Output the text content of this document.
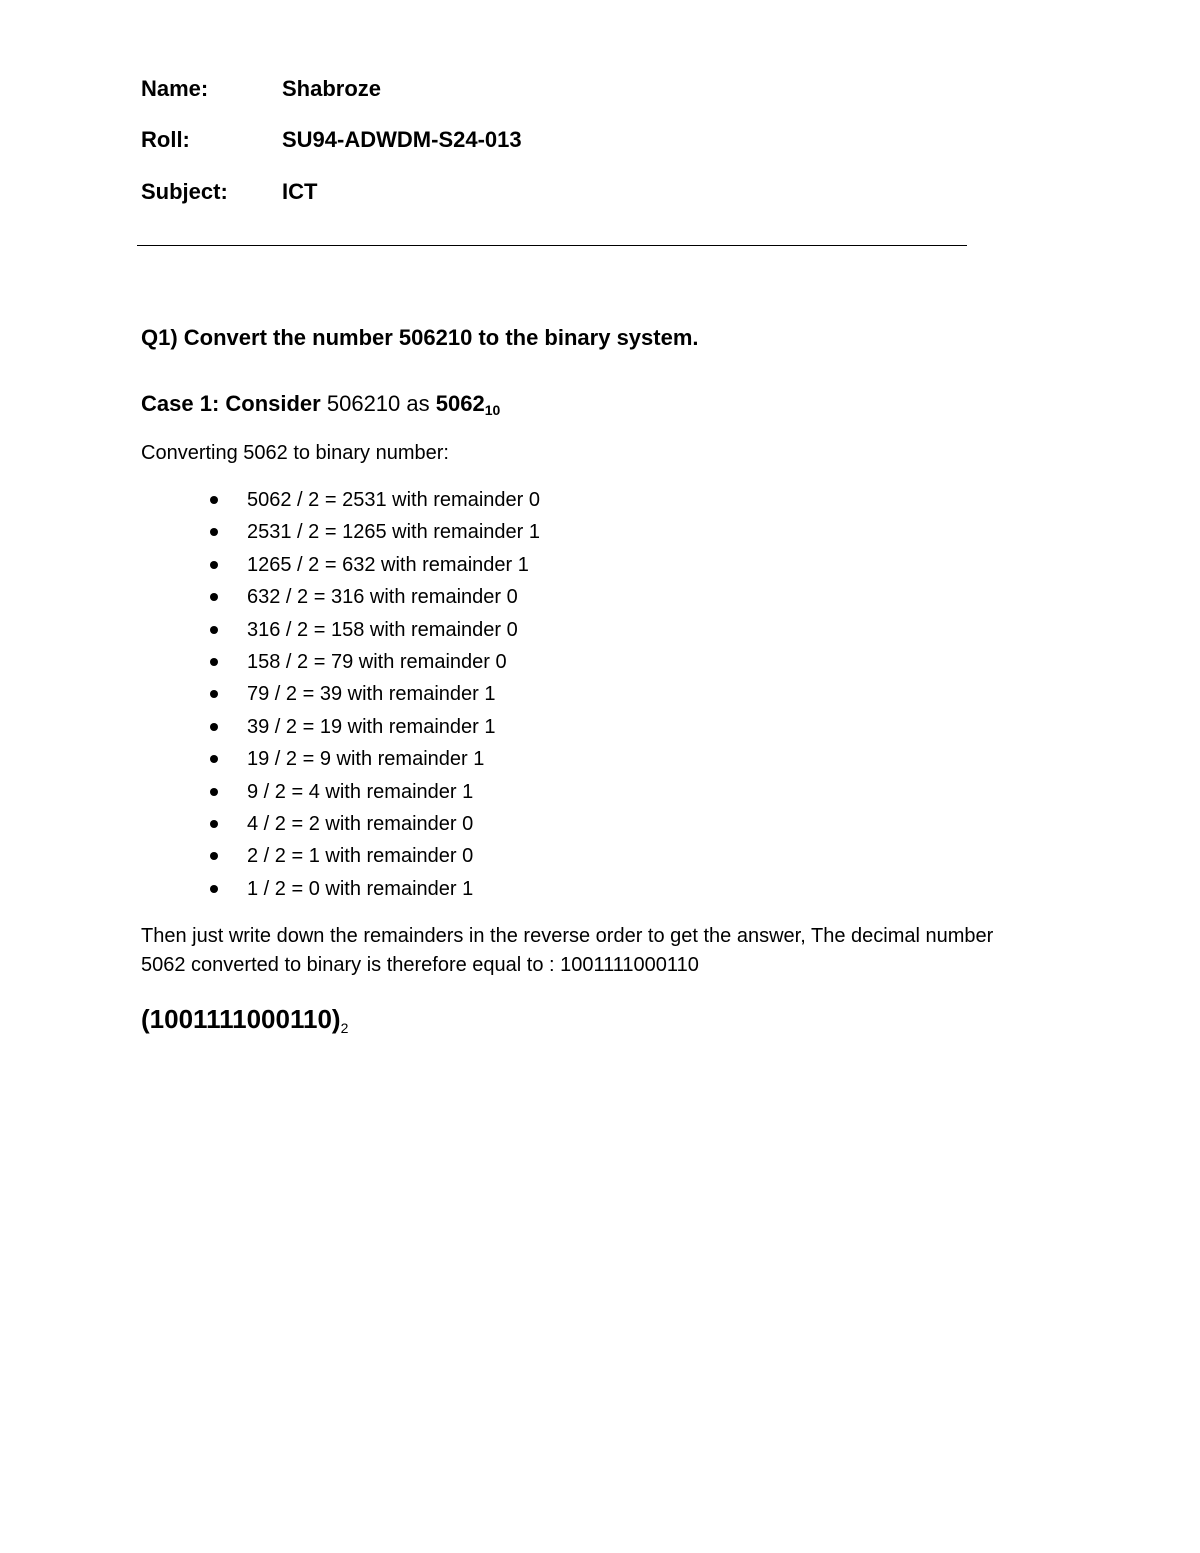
Name:	Shabroze
Roll:	SU94-ADWDM-S24-013
Subject: ICT
Q1) Convert the number 506210 to the binary system.
Case 1: Consider 506210 as $5062_{10}$
Converting 5062 to binary number:
5062 / 2 = 2531 with remainder 0
2531 / 2 = 1265 with remainder 1
1265 / 2 = 632 with remainder 1
632 / 2 = 316 with remainder 0
316 / 2 = 158 with remainder 0
158 / 2 = 79 with remainder 0
79 / 2 = 39 with remainder 1
39 / 2 = 19 with remainder 1
19 / 2 = 9 with remainder 1
9 / 2 = 4 with remainder 1
4 / 2 = 2 with remainder 0
2 / 2 = 1 with remainder 0
1 / 2 = 0 with remainder 1
Then just write down the remainders in the reverse order to get the answer, The decimal number 5062 converted to binary is therefore equal to : 1001111000110
$(1001111000110)_2$
